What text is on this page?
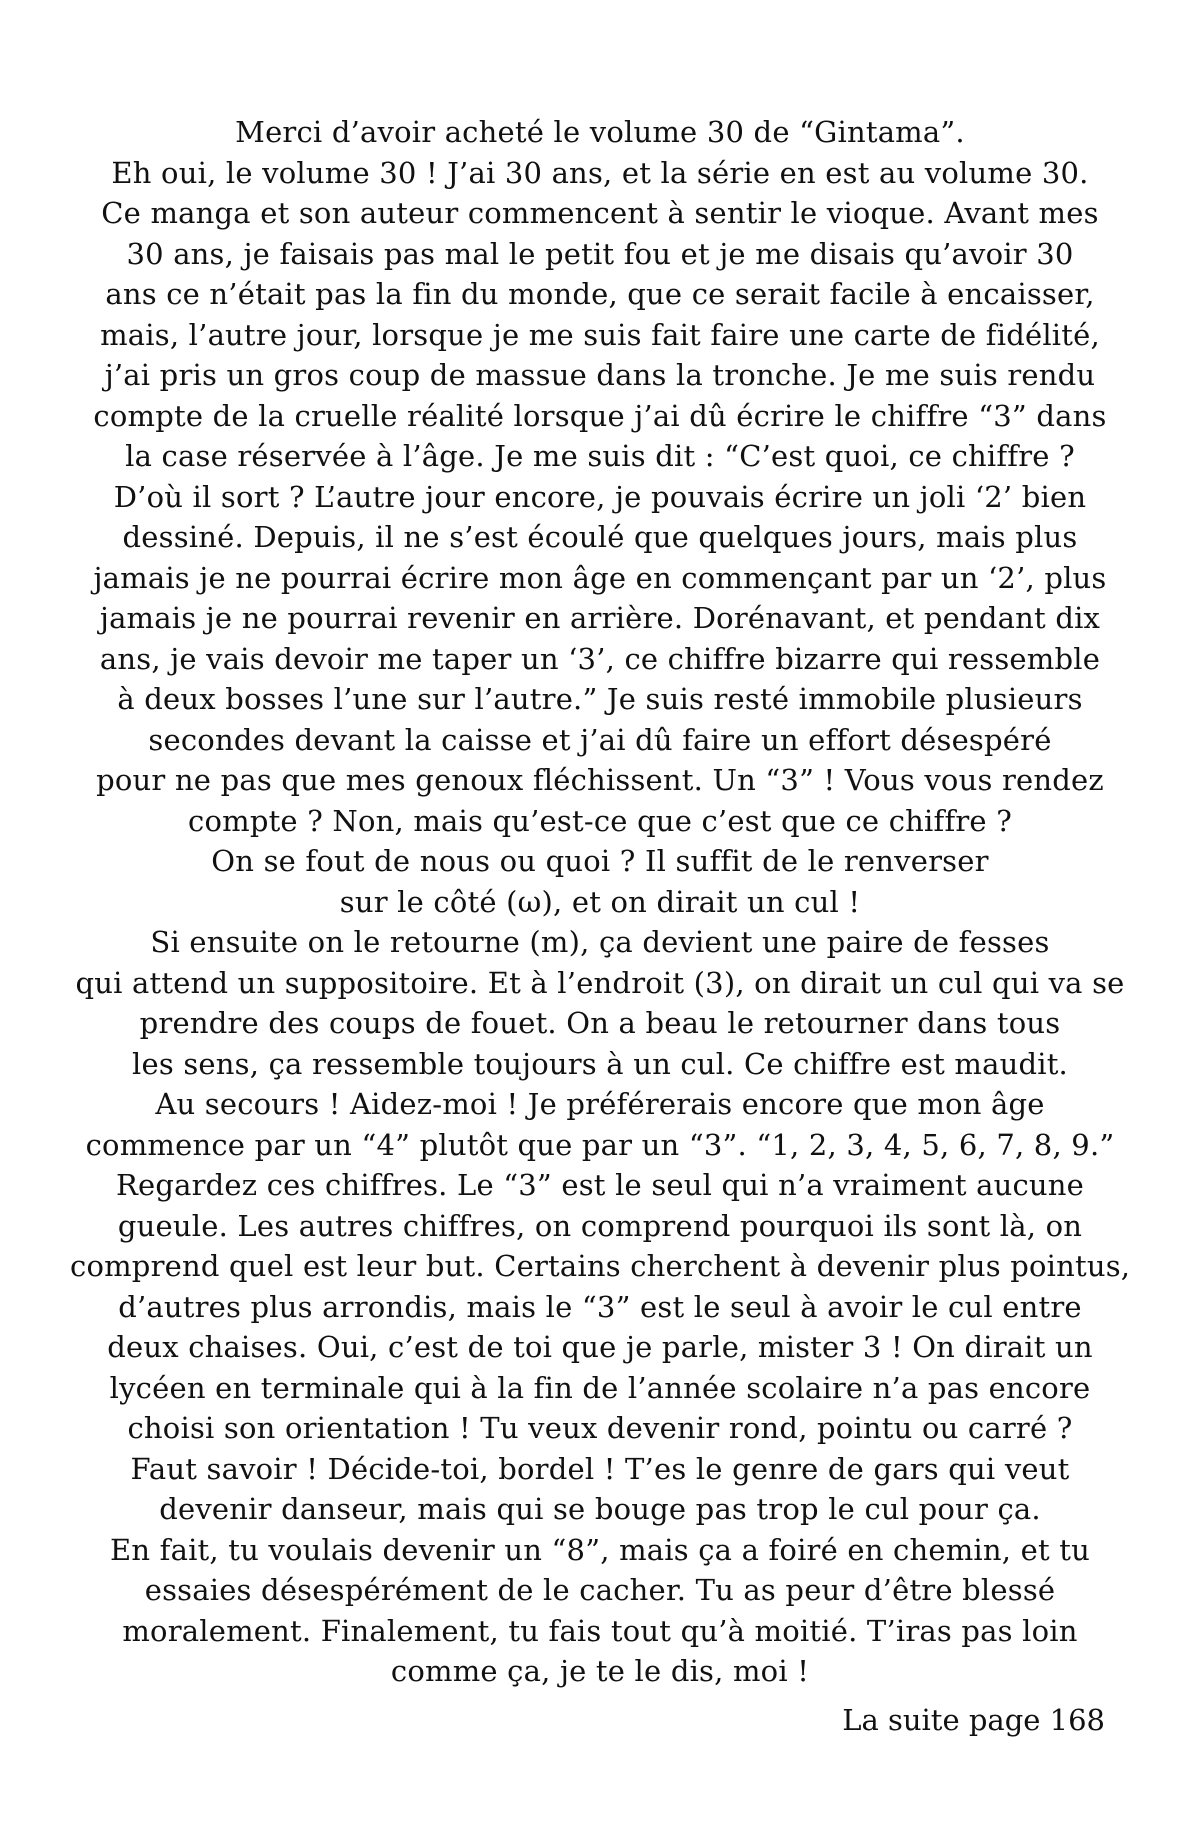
Merci d’avoir acheté le volume 30 de “Gintama”.
Eh oui, le volume 30 ! J’ai 30 ans, et la série en est au volume 30.
Ce manga et son auteur commencent à sentir le vioque. Avant mes
30 ans, je faisais pas mal le petit fou et je me disais qu’avoir 30
ans ce n’était pas la fin du monde, que ce serait facile à encaisser,
mais, l’autre jour, lorsque je me suis fait faire une carte de fidélité,
j’ai pris un gros coup de massue dans la tronche. Je me suis rendu
compte de la cruelle réalité lorsque j’ai dû écrire le chiffre “3” dans
la case réservée à l’âge. Je me suis dit : “C’est quoi, ce chiffre ?
D’où il sort ? L’autre jour encore, je pouvais écrire un joli ‘2’ bien
dessiné. Depuis, il ne s’est écoulé que quelques jours, mais plus
jamais je ne pourrai écrire mon âge en commençant par un ‘2’, plus
jamais je ne pourrai revenir en arrière. Dorénavant, et pendant dix
ans, je vais devoir me taper un ‘3’, ce chiffre bizarre qui ressemble
à deux bosses l’une sur l’autre.” Je suis resté immobile plusieurs
secondes devant la caisse et j’ai dû faire un effort désespéré
pour ne pas que mes genoux fléchissent. Un “3” ! Vous vous rendez
compte ? Non, mais qu’est-ce que c’est que ce chiffre ?
On se fout de nous ou quoi ? Il suffit de le renverser
sur le côté (ω), et on dirait un cul !
Si ensuite on le retourne (m), ça devient une paire de fesses
qui attend un suppositoire. Et à l’endroit (3), on dirait un cul qui va se
prendre des coups de fouet. On a beau le retourner dans tous
les sens, ça ressemble toujours à un cul. Ce chiffre est maudit.
Au secours ! Aidez-moi ! Je préférerais encore que mon âge
commence par un “4” plutôt que par un “3”. “1, 2, 3, 4, 5, 6, 7, 8, 9.”
Regardez ces chiffres. Le “3” est le seul qui n’a vraiment aucune
gueule. Les autres chiffres, on comprend pourquoi ils sont là, on
comprend quel est leur but. Certains cherchent à devenir plus pointus,
d’autres plus arrondis, mais le “3” est le seul à avoir le cul entre
deux chaises. Oui, c’est de toi que je parle, mister 3 ! On dirait un
lycéen en terminale qui à la fin de l’année scolaire n’a pas encore
choisi son orientation ! Tu veux devenir rond, pointu ou carré ?
Faut savoir ! Décide-toi, bordel ! T’es le genre de gars qui veut
devenir danseur, mais qui se bouge pas trop le cul pour ça.
En fait, tu voulais devenir un “8”, mais ça a foiré en chemin, et tu
essaies désespérément de le cacher. Tu as peur d’être blessé
moralement. Finalement, tu fais tout qu’à moitié. T’iras pas loin
comme ça, je te le dis, moi !
La suite page 168
